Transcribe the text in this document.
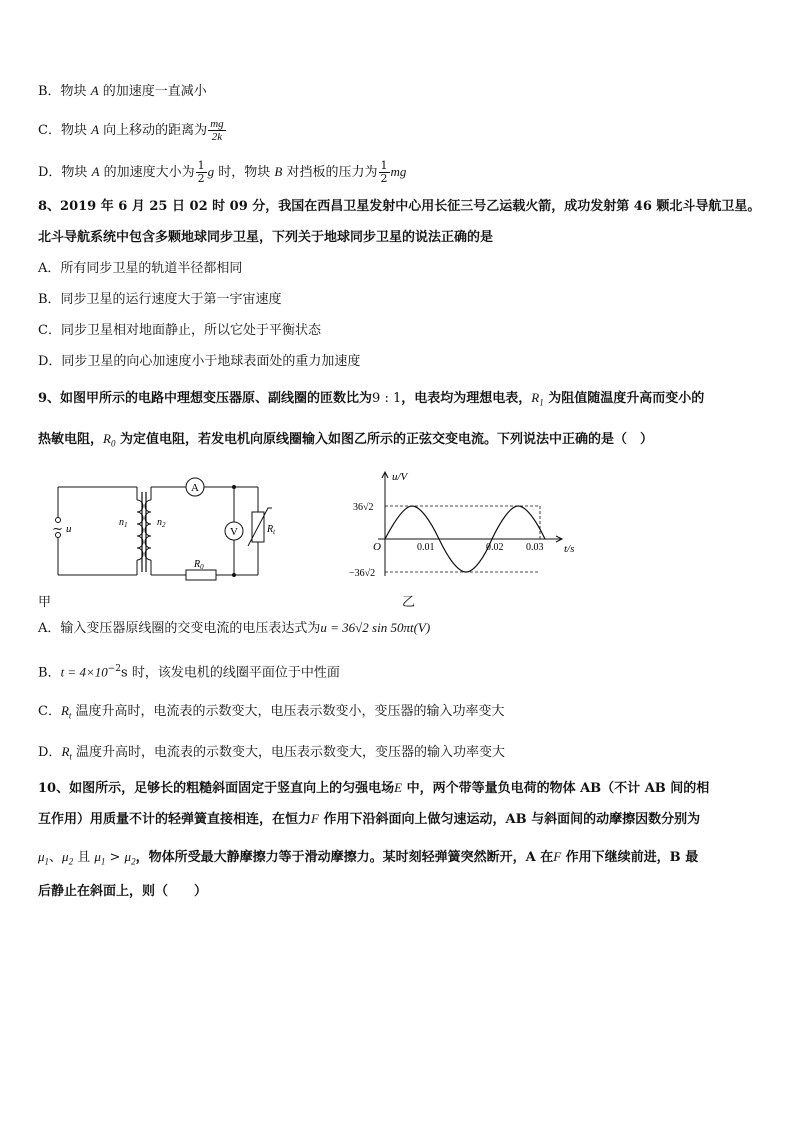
B．物块 A 的加速度一直减小
C．物块 A 向上移动的距离为 $\frac{mg}{2k}$
D．物块 A 的加速度大小为 $\frac{1}{2}$ g 时，物块 B 对挡板的压力为 $\frac{1}{2}$ mg
8、2019 年 6 月 25 日 02 时 09 分，我国在西昌卫星发射中心用长征三号乙运载火箭，成功发射第 46 颗北斗导航卫星。
北斗导航系统中包含多颗地球同步卫星，下列关于地球同步卫星的说法正确的是
A．所有同步卫星的轨道半径都相同
B．同步卫星的运行速度大于第一宇宙速度
C．同步卫星相对地面静止，所以它处于平衡状态
D．同步卫星的向心加速度小于地球表面处的重力加速度
9、如图甲所示的电路中理想变压器原、副线圈的匝数比为9 : 1，电表均为理想电表，$R_1$ 为阻值随温度升高而变小的
热敏电阻，$R_0$ 为定值电阻，若发电机向原线圈输入如图乙所示的正弦交变电流。下列说法中正确的是（　）
∼ u
$n_1$	$n_2$
A
V	$R_t$
$R_0$
甲
u/V
t/s
O
36√2
−36√2
0.01	0.02 0.03
乙
A．输入变压器原线圈的交变电流的电压表达式为u = 36√2 sin 50πt(V)
B．$t = 4\times 10^{-2}s$ 时，该发电机的线圈平面位于中性面
C．$R_t$ 温度升高时，电流表的示数变大，电压表示数变小，变压器的输入功率变大
D．$R_t$ 温度升高时，电流表的示数变大，电压表示数变大，变压器的输入功率变大
10、如图所示，足够长的粗糙斜面固定于竖直向上的匀强电场E 中，两个带等量负电荷的物体 AB（不计 AB 间的相
互作用）用质量不计的轻弹簧直接相连，在恒力F 作用下沿斜面向上做匀速运动，AB 与斜面间的动摩擦因数分别为
$\mu_1$、$\mu_2$ 且 $\mu_1 > \mu_2$，物体所受最大静摩擦力等于滑动摩擦力。某时刻轻弹簧突然断开，A 在F 作用下继续前进，B 最
后静止在斜面上，则（　　）
